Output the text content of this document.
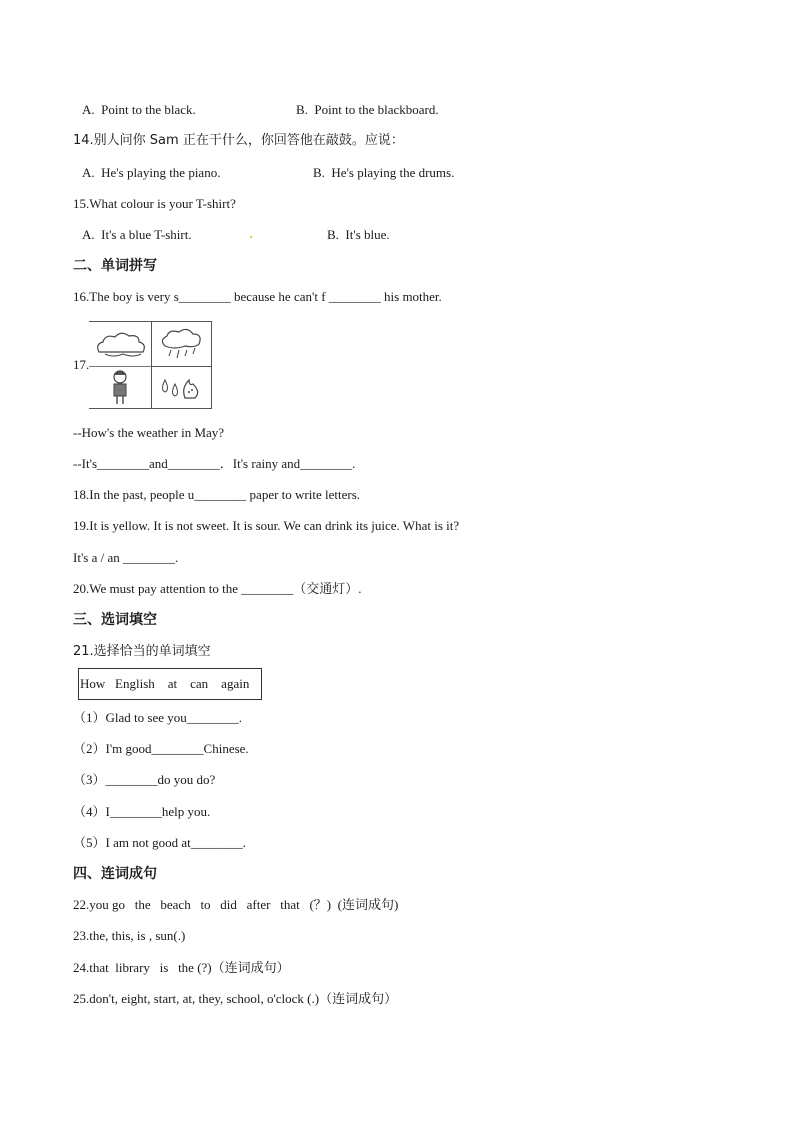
A.  Point to the black.	B.  Point to the blackboard.
14.别人问你 Sam 正在干什么，你回答他在敲鼓。应说：
A.  He's playing the piano.	B.  He's playing the drums.
15.What colour is your T-shirt?
A.  It's a blue T-shirt.	B.  It's blue.
二、单词拼写
16.The boy is very s________ because he can't f ________ his mother.
17.
--How's the weather in May?
--It's________and________．It's rainy and________.
18.In the past, people u________ paper to write letters.
19.It is yellow. It is not sweet. It is sour. We can drink its juice. What is it?
It's a / an ________.
20.We must pay attention to the ________（交通灯）.
三、选词填空
21.选择恰当的单词填空
How   English    at    can    again
（1）Glad to see you________.
（2）I'm good________Chinese.
（3）________do you do?
（4）I________help you.
（5）I am not good at________.
四、连词成句
22.you go   the   beach   to   did   after   that   (？)  (连词成句)
23.the, this, is , sun(.)
24.that  library   is   the (?)（连词成句）
25.don't, eight, start, at, they, school, o'clock (.)（连词成句）
